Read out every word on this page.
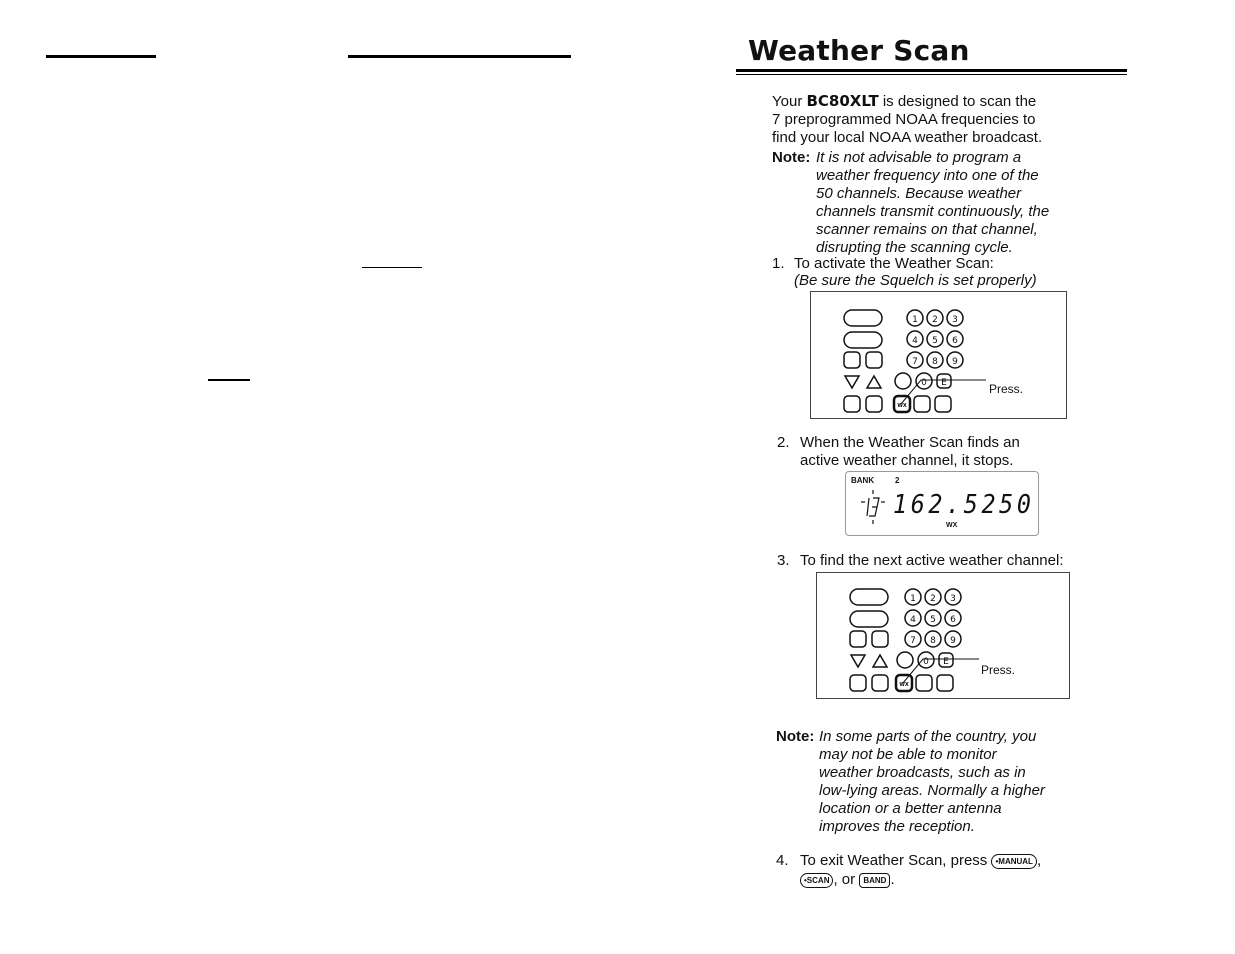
Weather Scan
Your BC80XLT is designed to scan the
7 preprogrammed NOAA frequencies to
find your local NOAA weather broadcast.
Note: It is not advisable to program a
weather frequency into one of the
50 channels. Because weather
channels transmit continuously, the
scanner remains on that channel,
disrupting the scanning cycle.
1. To activate the Weather Scan:
(Be sure the Squelch is set properly)
1 2 3
4 5 6
7 8 9
0 E
WX
Press.
2. When the Weather Scan finds an
active weather channel, it stops.
BANK	2
162.5250
WX
3. To find the next active weather channel:
1 2 3
4 5 6
7 8 9
0 E
WX
Press.
Note: In some parts of the country, you
may not be able to monitor
weather broadcasts, such as in
low-lying areas. Normally a higher
location or a better antenna
improves the reception.
4. To exit Weather Scan, press •MANUAL ,
•SCAN , or BAND .
